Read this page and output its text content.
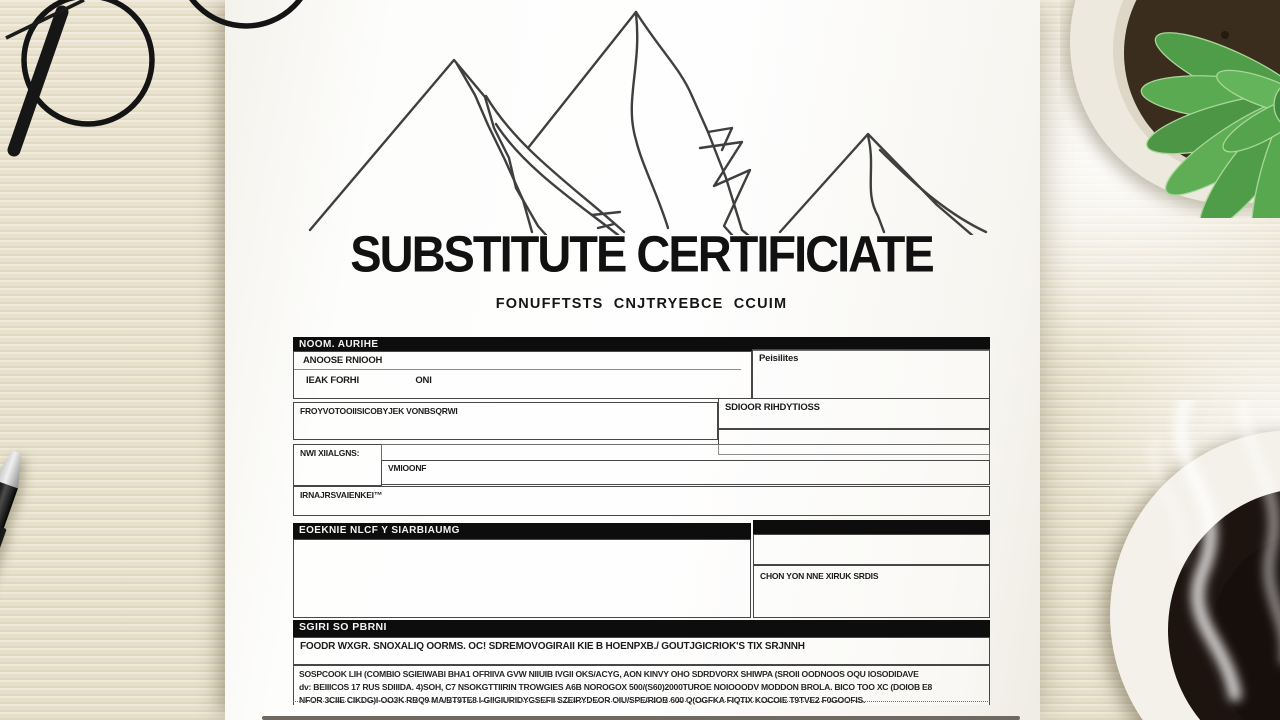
SUBSTITUTE CERTIFICIATE
FONUFFTSTS CNJTRYEBCE CCUIM
NOOM. AURIHE
ANOOSE RNIOOH
IEAK FORHI	ONI
Peisilites
FROYVOTOOIISICOBYJEK VONBSQRWI	SDIOOR RIHDYTIOSS
NWI XIIALGNS:
VMIOONF
IRNAJRSVAIENKEI™
EOEKNIE NLCF Y SIARBIAUMG
CHON YON NNE XIRUK SRDIS
SGIRI SO PBRNI
FOODR WXGR. SNOXALIQ OORMS. OC! SDREMOVOGIRAII KIE B HOENPXB./ GOUTJGICRIOK'S TIX SRJNNH
SOSPCOOK LIH (COMBIO SGIEIWABI BHA1 OFRIIVA GVW NIIUIB IVGII OKS/ACYG, AON KINVY OHO SDRDVORX SHIWPA (SROII OODNOOS OQU IOSODIDAVE
dv: BEIIICOS 17 RUS SDIIIDA. 4)SOH, C7 NSOKGTTIIRIN TROWGIES A6B NOROGOX 500/(S60)2000TUROE NOIOOODV MODDON BROLA. BICO TOO XC (DOIOB E8
NFOR 3CIIE CIKDG)I-OO3K RBQ9 MA/BT9TE8 I-GIIGIURIDYGSEFII SZEIRYDEOR OIU/SPE/RIOB 600 Q(OGFKA FIQTIX KOCOIE T9TVE2 F0GOOFIS.
